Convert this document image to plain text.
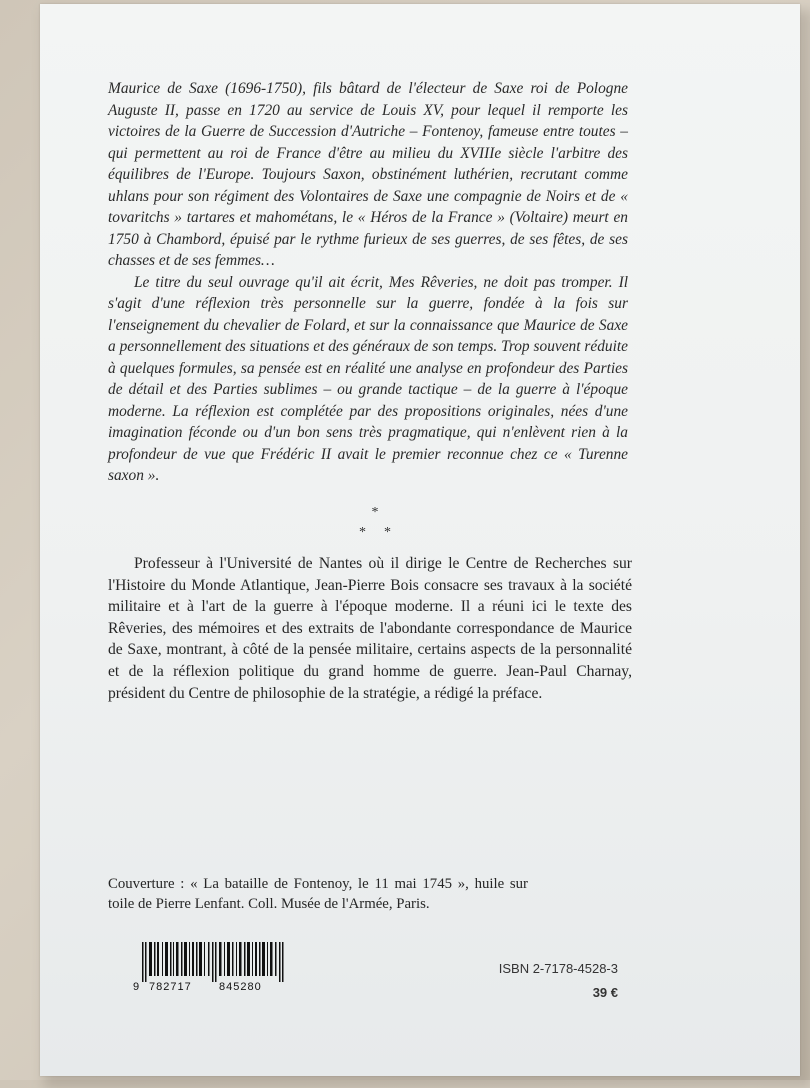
Maurice de Saxe (1696-1750), fils bâtard de l'électeur de Saxe roi de Pologne Auguste II, passe en 1720 au service de Louis XV, pour lequel il remporte les victoires de la Guerre de Succession d'Autriche – Fontenoy, fameuse entre toutes – qui permettent au roi de France d'être au milieu du XVIIIe siècle l'arbitre des équilibres de l'Europe. Toujours Saxon, obstinément luthérien, recrutant comme uhlans pour son régiment des Volontaires de Saxe une compagnie de Noirs et de « tovaritchs » tartares et mahométans, le « Héros de la France » (Voltaire) meurt en 1750 à Chambord, épuisé par le rythme furieux de ses guerres, de ses fêtes, de ses chasses et de ses femmes…

Le titre du seul ouvrage qu'il ait écrit, Mes Rêveries, ne doit pas tromper. Il s'agit d'une réflexion très personnelle sur la guerre, fondée à la fois sur l'enseignement du chevalier de Folard, et sur la connaissance que Maurice de Saxe a personnellement des situations et des généraux de son temps. Trop souvent réduite à quelques formules, sa pensée est en réalité une analyse en profondeur des Parties de détail et des Parties sublimes – ou grande tactique – de la guerre à l'époque moderne. La réflexion est complétée par des propositions originales, nées d'une imagination féconde ou d'un bon sens très pragmatique, qui n'enlèvent rien à la profondeur de vue que Frédéric II avait le premier reconnue chez ce « Turenne saxon ».

*
**

Professeur à l'Université de Nantes où il dirige le Centre de Recherches sur l'Histoire du Monde Atlantique, Jean-Pierre Bois consacre ses travaux à la société militaire et à l'art de la guerre à l'époque moderne. Il a réuni ici le texte des Rêveries, des mémoires et des extraits de l'abondante correspondance de Maurice de Saxe, montrant, à côté de la pensée militaire, certains aspects de la personnalité et de la réflexion politique du grand homme de guerre. Jean-Paul Charnay, président du Centre de philosophie de la stratégie, a rédigé la préface.

Couverture : « La bataille de Fontenoy, le 11 mai 1745 », huile sur toile de Pierre Lenfant. Coll. Musée de l'Armée, Paris.
9 782717 845280
ISBN 2-7178-4528-3
39 €
